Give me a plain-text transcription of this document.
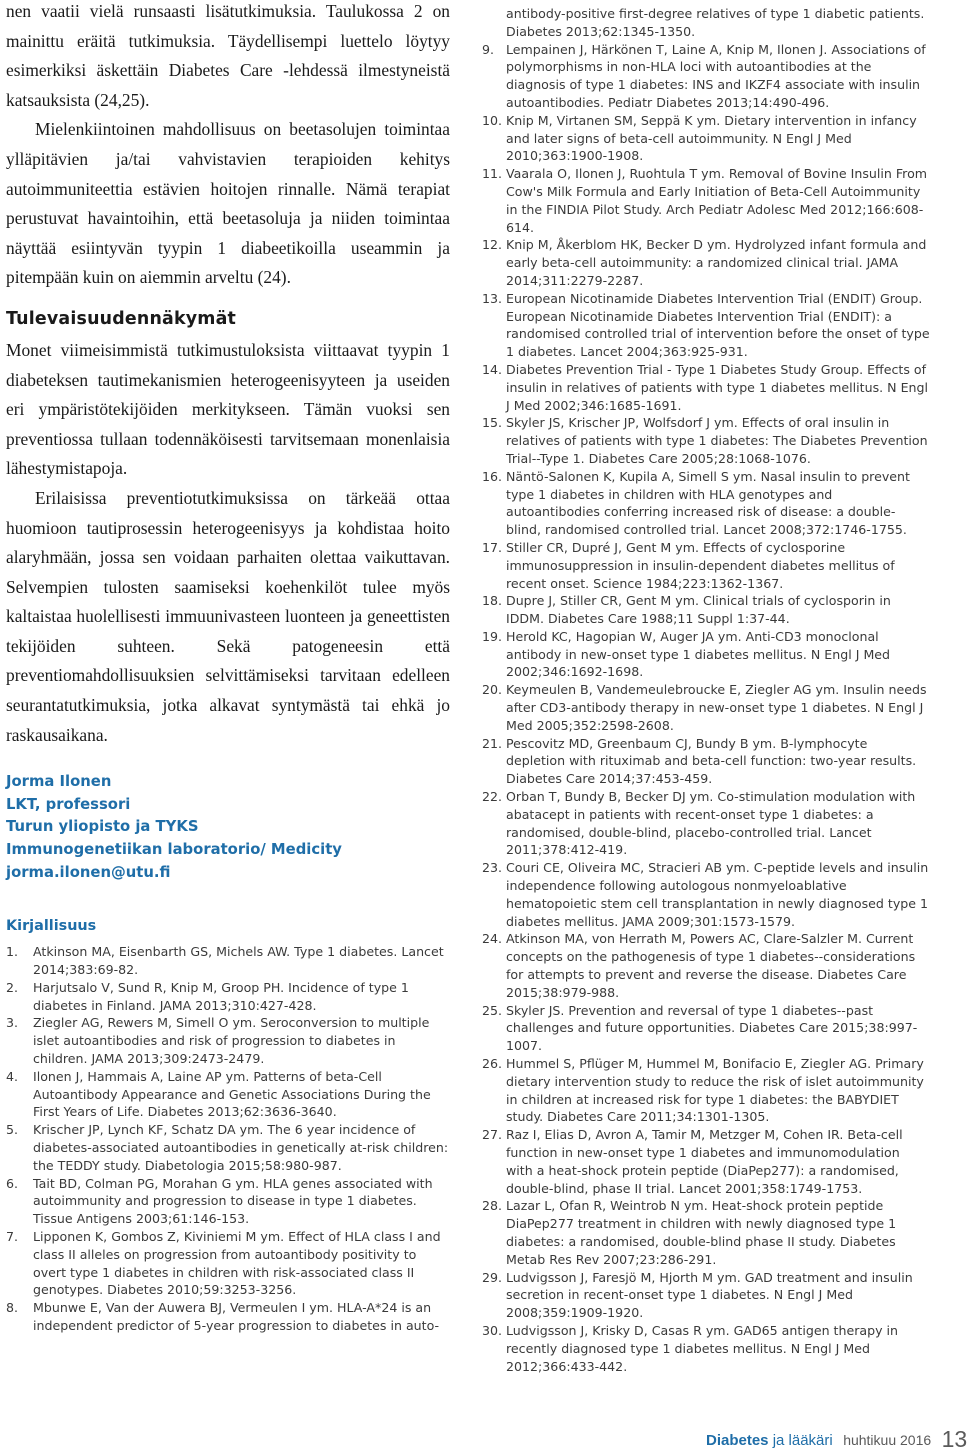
nen vaatii vielä runsaasti lisätutkimuksia. Taulukossa 2 on mainittu eräitä tutkimuksia. Täydellisempi luettelo löytyy esimerkiksi äskettäin Diabetes Care -lehdessä ilmestyneistä katsauksista (24,25).

Mielenkiintoinen mahdollisuus on beetasolujen toimintaa ylläpitävien ja/tai vahvistavien terapioiden kehitys autoimmuniteettia estävien hoitojen rinnalle. Nämä terapiat perustuvat havaintoihin, että beetasoluja ja niiden toimintaa näyttää esiintyvän tyypin 1 diabeetikoilla useammin ja pitempään kuin on aiemmin arveltu (24).

Tulevaisuudennäkymät

Monet viimeisimmistä tutkimustuloksista viittaavat tyypin 1 diabeteksen tautimekanismien heterogeenisyyteen ja useiden eri ympäristötekijöiden merkitykseen. Tämän vuoksi sen preventiossa tullaan todennäköisesti tarvitsemaan monenlaisia lähestymistapoja.

Erilaisissa preventiotutkimuksissa on tärkeää ottaa huomioon tautiprosessin heterogeenisyys ja kohdistaa hoito alaryhmään, jossa sen voidaan parhaiten olettaa vaikuttavan. Selvempien tulosten saamiseksi koehenkilöt tulee myös kaltaistaa huolellisesti immuunivasteen luonteen ja geneettisten tekijöiden suhteen. Sekä patogeneesin että preventiomahdollisuuksien selvittämiseksi tarvitaan edelleen seurantatutkimuksia, jotka alkavat syntymästä tai ehkä jo raskausaikana.

Jorma Ilonen
LKT, professori
Turun yliopisto ja TYKS
Immunogenetiikan laboratorio/ Medicity
jorma.ilonen@utu.fi
Kirjallisuus
1. Atkinson MA, Eisenbarth GS, Michels AW. Type 1 diabetes. Lancet 2014;383:69-82.
2. Harjutsalo V, Sund R, Knip M, Groop PH. Incidence of type 1 diabetes in Finland. JAMA 2013;310:427-428.
3. Ziegler AG, Rewers M, Simell O ym. Seroconversion to multiple islet autoantibodies and risk of progression to diabetes in children. JAMA 2013;309:2473-2479.
4. Ilonen J, Hammais A, Laine AP ym. Patterns of beta-Cell Autoantibody Appearance and Genetic Associations During the First Years of Life. Diabetes 2013;62:3636-3640.
5. Krischer JP, Lynch KF, Schatz DA ym. The 6 year incidence of diabetes-associated autoantibodies in genetically at-risk children: the TEDDY study. Diabetologia 2015;58:980-987.
6. Tait BD, Colman PG, Morahan G ym. HLA genes associated with autoimmunity and progression to disease in type 1 diabetes. Tissue Antigens 2003;61:146-153.
7. Lipponen K, Gombos Z, Kiviniemi M ym. Effect of HLA class I and class II alleles on progression from autoantibody positivity to overt type 1 diabetes in children with risk-associated class II genotypes. Diabetes 2010;59:3253-3256.
8. Mbunwe E, Van der Auwera BJ, Vermeulen I ym. HLA-A*24 is an independent predictor of 5-year progression to diabetes in auto-
antibody-positive first-degree relatives of type 1 diabetic patients. Diabetes 2013;62:1345-1350.
9. Lempainen J, Härkönen T, Laine A, Knip M, Ilonen J. Associations of polymorphisms in non-HLA loci with autoantibodies at the diagnosis of type 1 diabetes: INS and IKZF4 associate with insulin autoantibodies. Pediatr Diabetes 2013;14:490-496.
10. Knip M, Virtanen SM, Seppä K ym. Dietary intervention in infancy and later signs of beta-cell autoimmunity. N Engl J Med 2010;363:1900-1908.
11. Vaarala O, Ilonen J, Ruohtula T ym. Removal of Bovine Insulin From Cow's Milk Formula and Early Initiation of Beta-Cell Autoimmunity in the FINDIA Pilot Study. Arch Pediatr Adolesc Med 2012;166:608-614.
12. Knip M, Åkerblom HK, Becker D ym. Hydrolyzed infant formula and early beta-cell autoimmunity: a randomized clinical trial. JAMA 2014;311:2279-2287.
13. European Nicotinamide Diabetes Intervention Trial (ENDIT) Group. European Nicotinamide Diabetes Intervention Trial (ENDIT): a randomised controlled trial of intervention before the onset of type 1 diabetes. Lancet 2004;363:925-931.
14. Diabetes Prevention Trial - Type 1 Diabetes Study Group. Effects of insulin in relatives of patients with type 1 diabetes mellitus. N Engl J Med 2002;346:1685-1691.
15. Skyler JS, Krischer JP, Wolfsdorf J ym. Effects of oral insulin in relatives of patients with type 1 diabetes: The Diabetes Prevention Trial--Type 1. Diabetes Care 2005;28:1068-1076.
16. Näntö-Salonen K, Kupila A, Simell S ym. Nasal insulin to prevent type 1 diabetes in children with HLA genotypes and autoantibodies conferring increased risk of disease: a double-blind, randomised controlled trial. Lancet 2008;372:1746-1755.
17. Stiller CR, Dupré J, Gent M ym. Effects of cyclosporine immunosuppression in insulin-dependent diabetes mellitus of recent onset. Science 1984;223:1362-1367.
18. Dupre J, Stiller CR, Gent M ym. Clinical trials of cyclosporin in IDDM. Diabetes Care 1988;11 Suppl 1:37-44.
19. Herold KC, Hagopian W, Auger JA ym. Anti-CD3 monoclonal antibody in new-onset type 1 diabetes mellitus. N Engl J Med 2002;346:1692-1698.
20. Keymeulen B, Vandemeulebroucke E, Ziegler AG ym. Insulin needs after CD3-antibody therapy in new-onset type 1 diabetes. N Engl J Med 2005;352:2598-2608.
21. Pescovitz MD, Greenbaum CJ, Bundy B ym. B-lymphocyte depletion with rituximab and beta-cell function: two-year results. Diabetes Care 2014;37:453-459.
22. Orban T, Bundy B, Becker DJ ym. Co-stimulation modulation with abatacept in patients with recent-onset type 1 diabetes: a randomised, double-blind, placebo-controlled trial. Lancet 2011;378:412-419.
23. Couri CE, Oliveira MC, Stracieri AB ym. C-peptide levels and insulin independence following autologous nonmyeloablative hematopoietic stem cell transplantation in newly diagnosed type 1 diabetes mellitus. JAMA 2009;301:1573-1579.
24. Atkinson MA, von Herrath M, Powers AC, Clare-Salzler M. Current concepts on the pathogenesis of type 1 diabetes--considerations for attempts to prevent and reverse the disease. Diabetes Care 2015;38:979-988.
25. Skyler JS. Prevention and reversal of type 1 diabetes--past challenges and future opportunities. Diabetes Care 2015;38:997-1007.
26. Hummel S, Pflüger M, Hummel M, Bonifacio E, Ziegler AG. Primary dietary intervention study to reduce the risk of islet autoimmunity in children at increased risk for type 1 diabetes: the BABYDIET study. Diabetes Care 2011;34:1301-1305.
27. Raz I, Elias D, Avron A, Tamir M, Metzger M, Cohen IR. Beta-cell function in new-onset type 1 diabetes and immunomodulation with a heat-shock protein peptide (DiaPep277): a randomised, double-blind, phase II trial. Lancet 2001;358:1749-1753.
28. Lazar L, Ofan R, Weintrob N ym. Heat-shock protein peptide DiaPep277 treatment in children with newly diagnosed type 1 diabetes: a randomised, double-blind phase II study. Diabetes Metab Res Rev 2007;23:286-291.
29. Ludvigsson J, Faresjö M, Hjorth M ym. GAD treatment and insulin secretion in recent-onset type 1 diabetes. N Engl J Med 2008;359:1909-1920.
30. Ludvigsson J, Krisky D, Casas R ym. GAD65 antigen therapy in recently diagnosed type 1 diabetes mellitus. N Engl J Med 2012;366:433-442.
Diabetes ja lääkäri huhtikuu 2016 13
